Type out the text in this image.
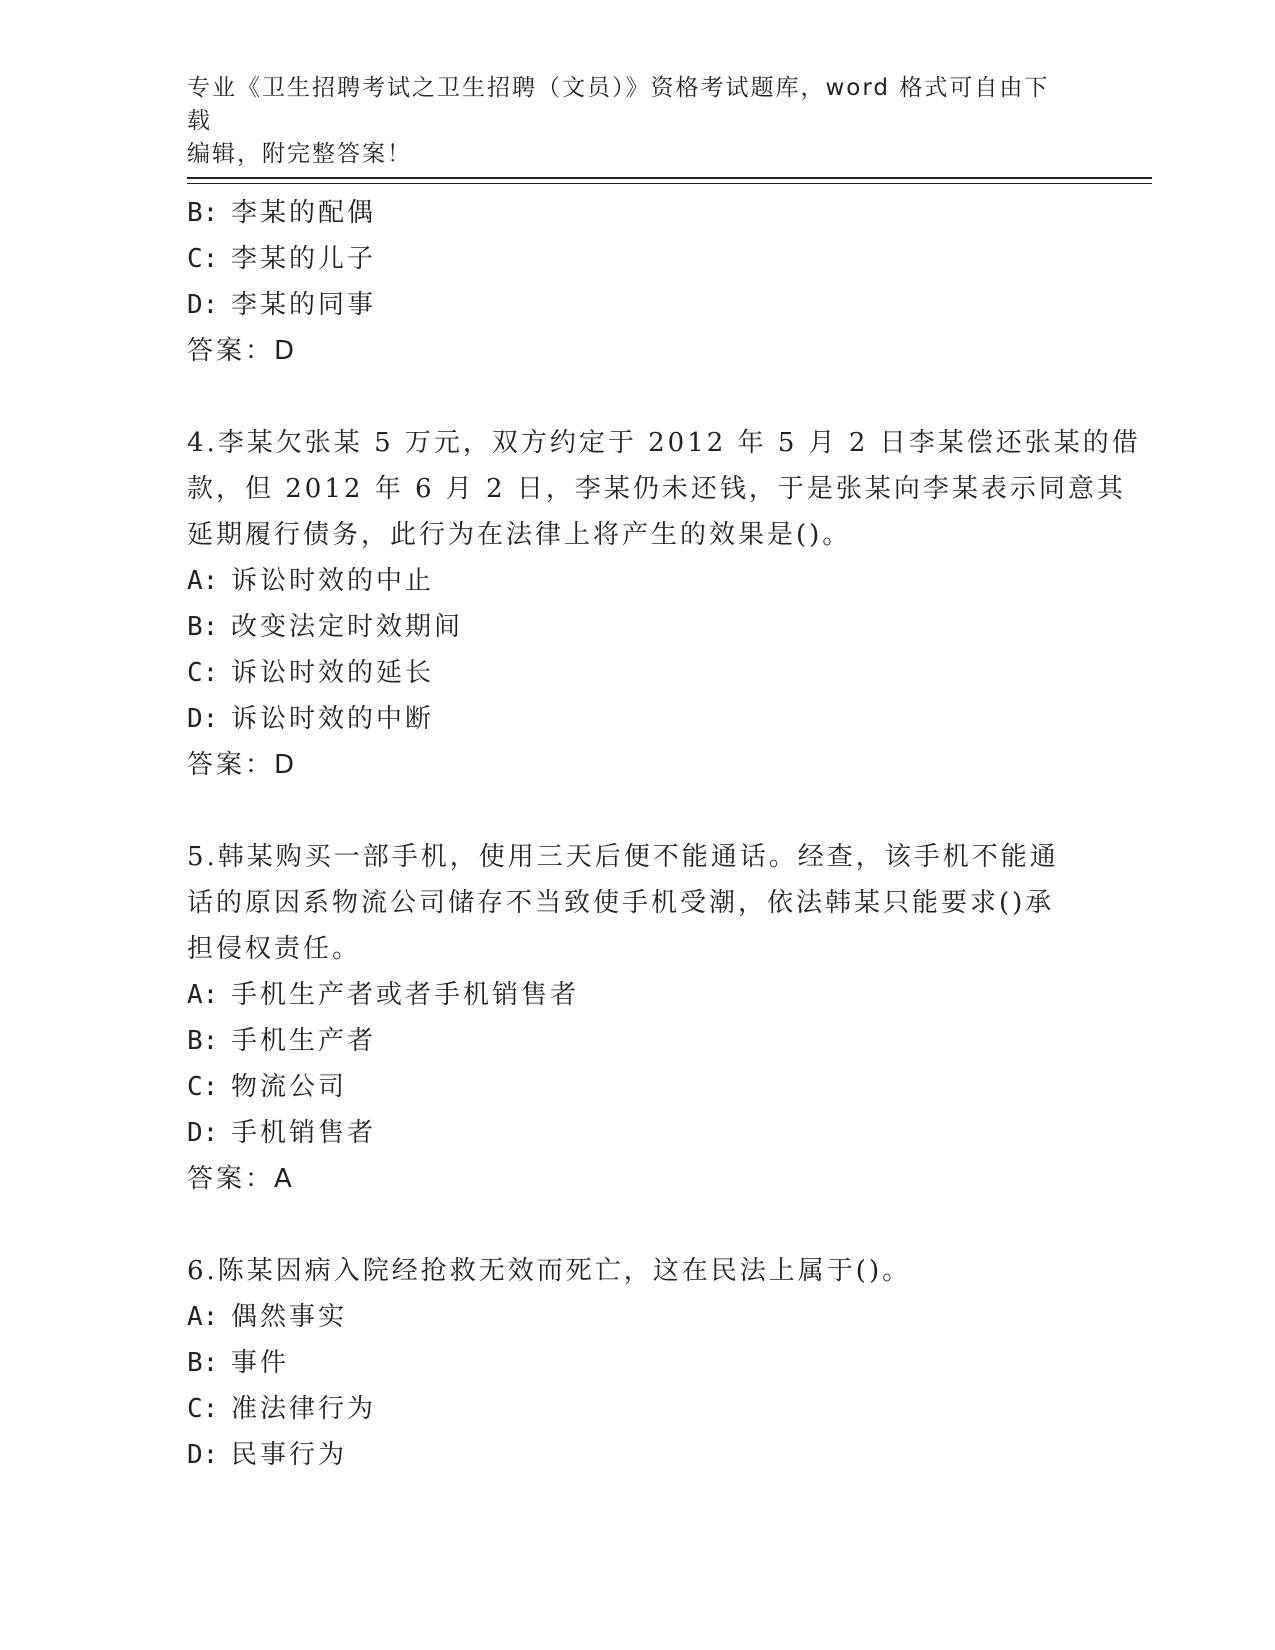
专业《卫生招聘考试之卫生招聘（文员）》资格考试题库，word 格式可自由下载
编辑，附完整答案！
B: 李某的配偶
C: 李某的儿子
D: 李某的同事
答案：D
4.李某欠张某 5 万元，双方约定于 2012 年 5 月 2 日李某偿还张某的借
款，但 2012 年 6 月 2 日，李某仍未还钱，于是张某向李某表示同意其
延期履行债务，此行为在法律上将产生的效果是()。
A: 诉讼时效的中止
B: 改变法定时效期间
C: 诉讼时效的延长
D: 诉讼时效的中断
答案：D
5.韩某购买一部手机，使用三天后便不能通话。经查，该手机不能通
话的原因系物流公司储存不当致使手机受潮，依法韩某只能要求()承
担侵权责任。
A: 手机生产者或者手机销售者
B: 手机生产者
C: 物流公司
D: 手机销售者
答案：A
6.陈某因病入院经抢救无效而死亡，这在民法上属于()。
A: 偶然事实
B: 事件
C: 准法律行为
D: 民事行为
